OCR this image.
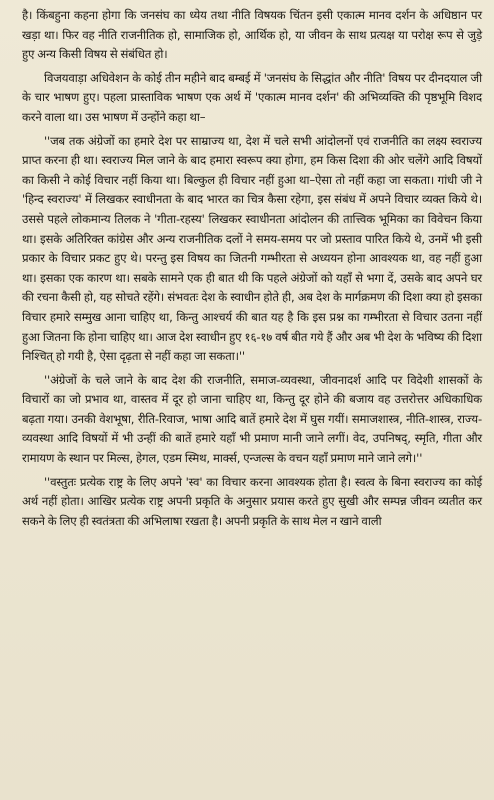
है। किंबहुना कहना होगा कि जनसंघ का ध्येय तथा नीति विषयक चिंतन इसी एकात्म मानव दर्शन के अधिष्ठान पर खड़ा था। फिर वह नीति राजनीतिक हो, सामाजिक हो, आर्थिक हो, या जीवन के साथ प्रत्यक्ष या परोक्ष रूप से जुड़े हुए अन्य किसी विषय से संबंधित हो।

विजयवाड़ा अधिवेशन के कोई तीन महीने बाद बम्बई में 'जनसंघ के सिद्धांत और नीति' विषय पर दीनदयाल जी के चार भाषण हुए। पहला प्रास्ताविक भाषण एक अर्थ में 'एकात्म मानव दर्शन' की अभिव्यक्ति की पृष्ठभूमि विशद करने वाला था। उस भाषण में उन्होंने कहा था–

''जब तक अंग्रेजों का हमारे देश पर साम्राज्य था, देश में चले सभी आंदोलनों एवं राजनीति का लक्ष्य स्वराज्य प्राप्त करना ही था। स्वराज्य मिल जाने के बाद हमारा स्वरूप क्या होगा, हम किस दिशा की ओर चलेंगे आदि विषयों का किसी ने कोई विचार नहीं किया था। बिल्कुल ही विचार नहीं हुआ था–ऐसा तो नहीं कहा जा सकता। गांधी जी ने 'हिन्द स्वराज्य' में लिखकर स्वाधीनता के बाद भारत का चित्र कैसा रहेगा, इस संबंध में अपने विचार व्यक्त किये थे। उससे पहले लोकमान्य तिलक ने 'गीता-रहस्य' लिखकर स्वाधीनता आंदोलन की तात्त्विक भूमिका का विवेचन किया था। इसके अतिरिक्त कांग्रेस और अन्य राजनीतिक दलों ने समय-समय पर जो प्रस्ताव पारित किये थे, उनमें भी इसी प्रकार के विचार प्रकट हुए थे। परन्तु इस विषय का जितनी गम्भीरता से अध्ययन होना आवश्यक था, वह नहीं हुआ था। इसका एक कारण था। सबके सामने एक ही बात थी कि पहले अंग्रेजों को यहाँ से भगा दें, उसके बाद अपने घर की रचना कैसी हो, यह सोचते रहेंगे। संभवतः देश के स्वाधीन होते ही, अब देश के मार्गक्रमण की दिशा क्या हो इसका विचार हमारे सम्मुख आना चाहिए था, किन्तु आश्चर्य की बात यह है कि इस प्रश्न का गम्भीरता से विचार उतना नहीं हुआ जितना कि होना चाहिए था। आज देश स्वाधीन हुए १६-१७ वर्ष बीत गये हैं और अब भी देश के भविष्य की दिशा निश्चित् हो गयी है, ऐसा दृढ़ता से नहीं कहा जा सकता।''

''अंग्रेजों के चले जाने के बाद देश की राजनीति, समाज-व्यवस्था, जीवनादर्श आदि पर विदेशी शासकों के विचारों का जो प्रभाव था, वास्तव में दूर हो जाना चाहिए था, किन्तु दूर होने की बजाय वह उत्तरोत्तर अधिकाधिक बढ़ता गया। उनकी वेशभूषा, रीति-रिवाज, भाषा आदि बातें हमारे देश में घुस गयीं। समाजशास्त्र, नीति-शास्त्र, राज्य-व्यवस्था आदि विषयों में भी उन्हीं की बातें हमारे यहाँ भी प्रमाण मानी जाने लगीं। वेद, उपनिषद्, स्मृति, गीता और रामायण के स्थान पर मिल्स, हेगल, एडम स्मिथ, मार्क्स, एन्जल्स के वचन यहाँ प्रमाण माने जाने लगे।''

''वस्तुतः प्रत्येक राष्ट्र के लिए अपने 'स्व' का विचार करना आवश्यक होता है। स्वत्व के बिना स्वराज्य का कोई अर्थ नहीं होता। आखिर प्रत्येक राष्ट्र अपनी प्रकृति के अनुसार प्रयास करते हुए सुखी और सम्पन्न जीवन व्यतीत कर सकने के लिए ही स्वतंत्रता की अभिलाषा रखता है। अपनी प्रकृति के साथ मेल न खाने वाली
